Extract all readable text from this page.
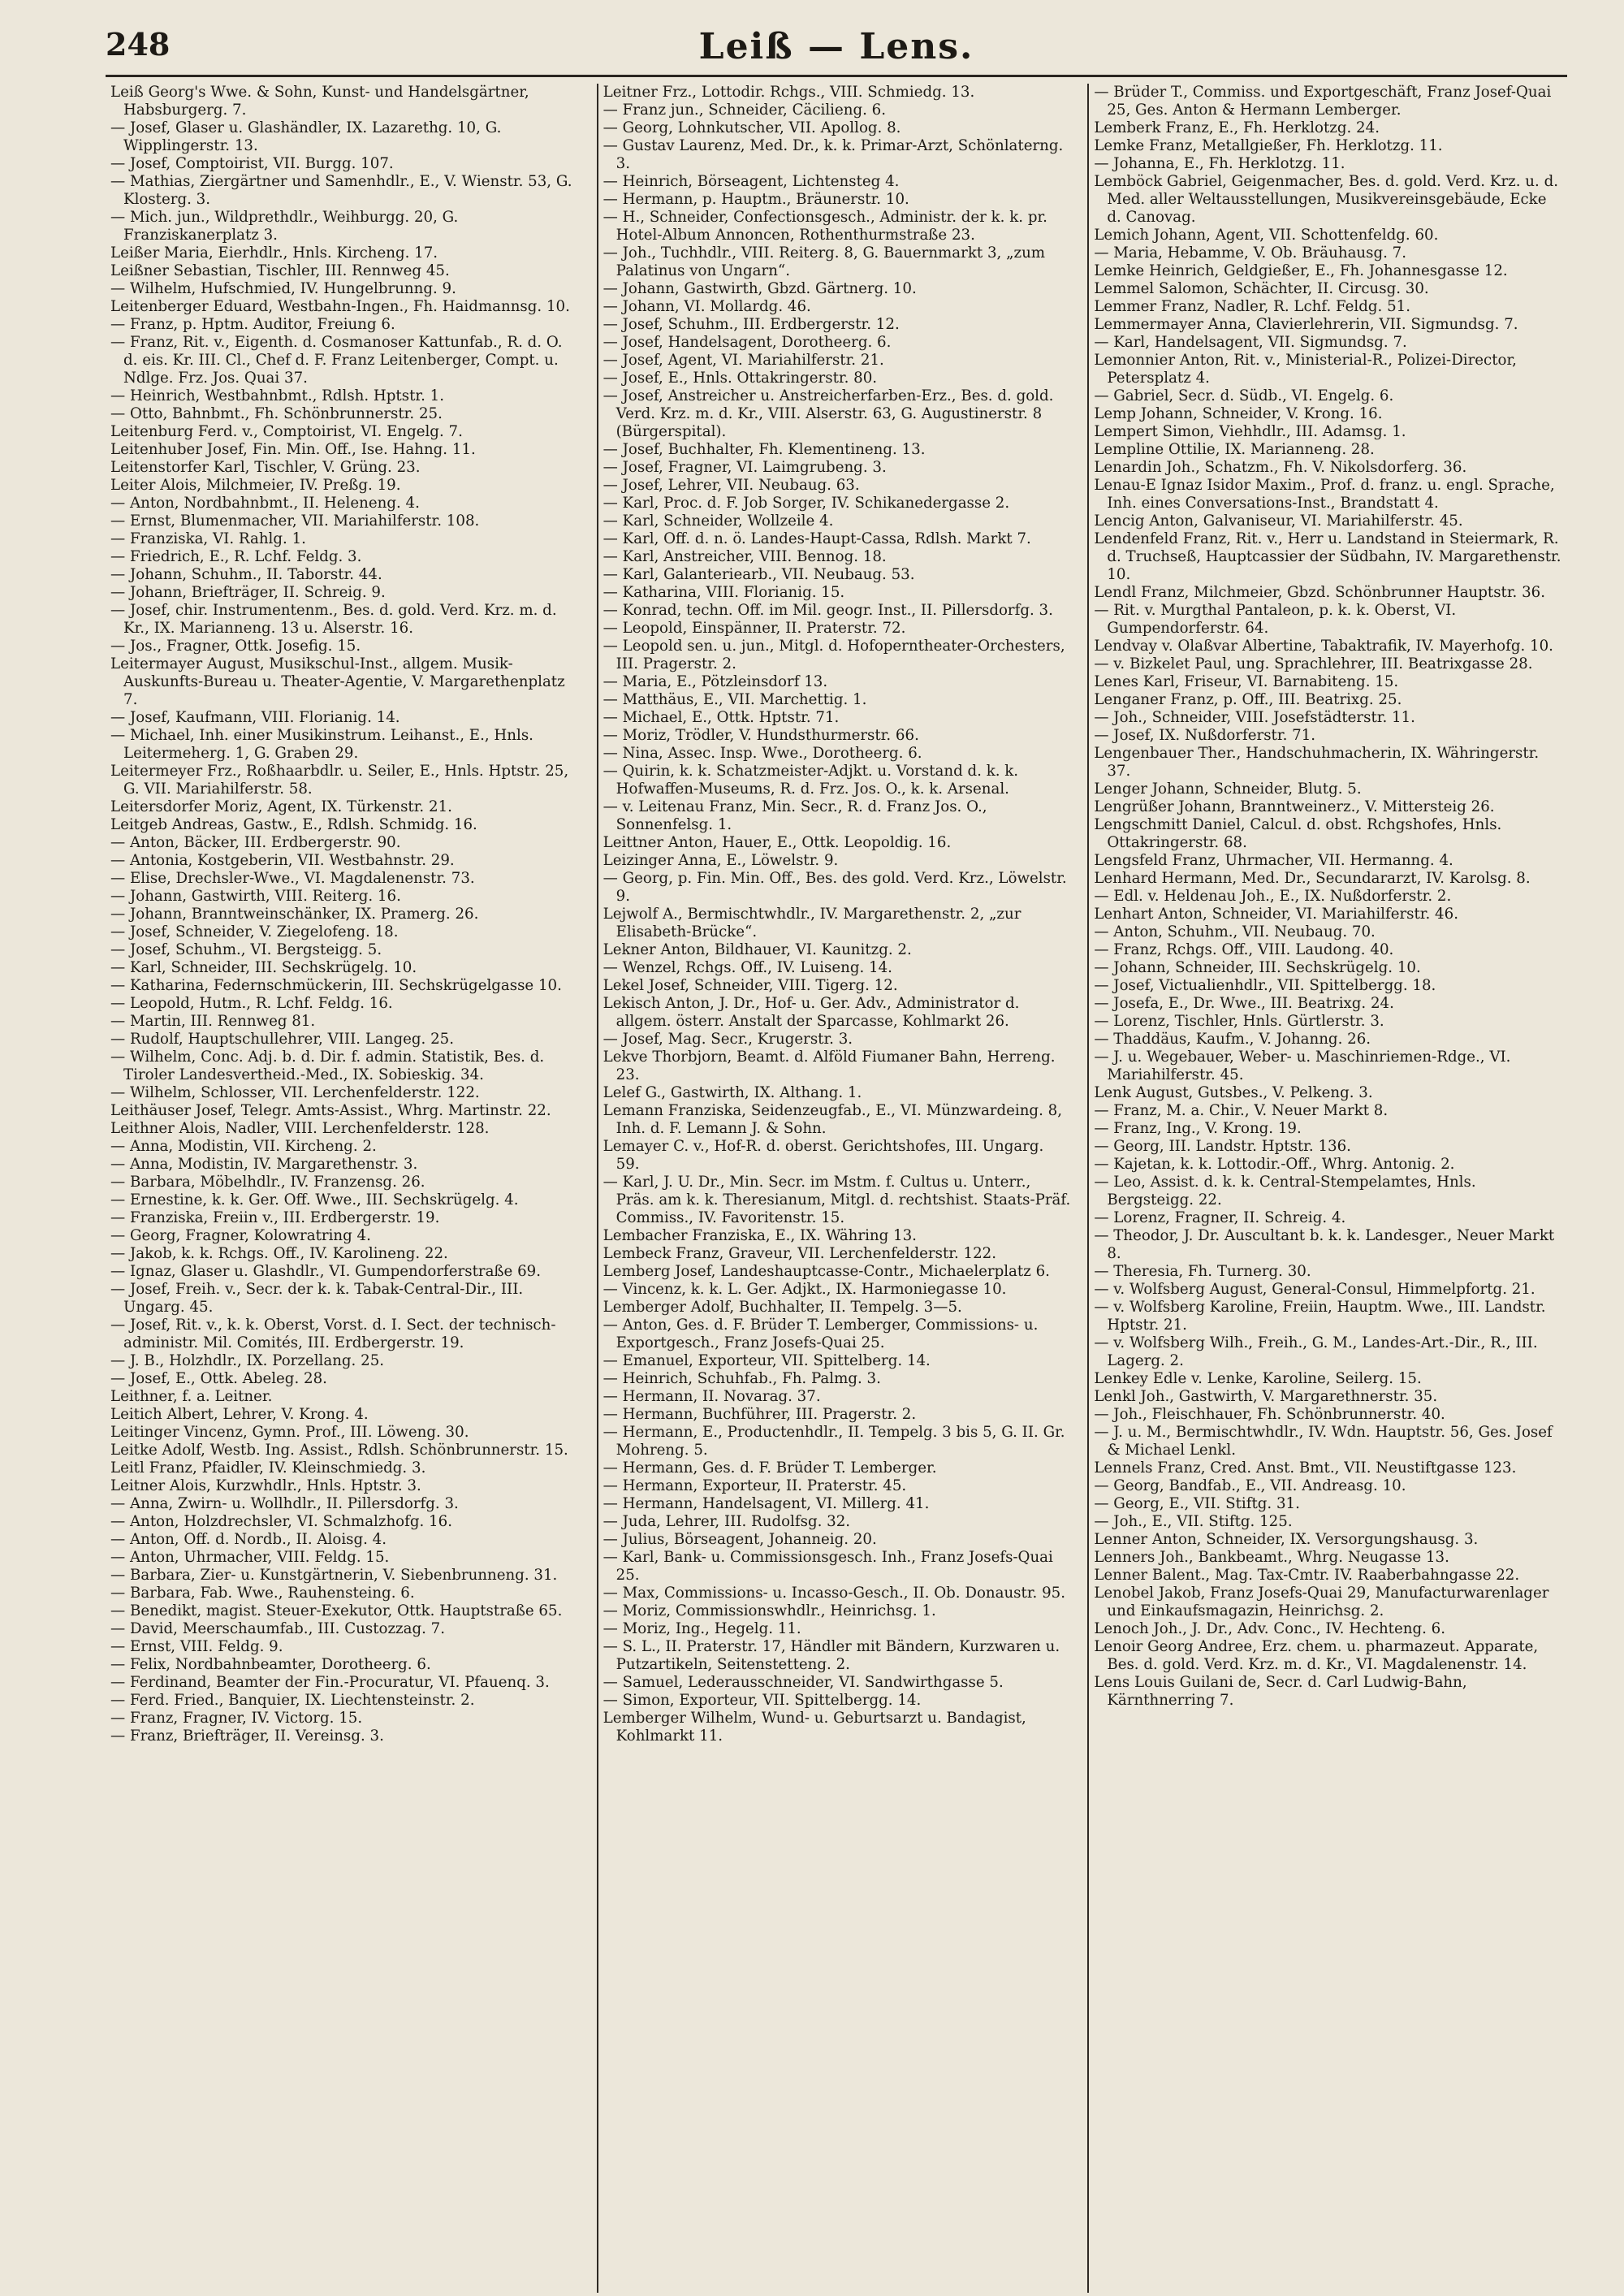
248	Leiß — Lens.

Leiß Georg's Wwe. & Sohn, Kunst- und Handelsgärtner, Habsburgerg. 7.

— Josef, Glaser u. Glashändler, IX. Lazarethg. 10, G. Wipplingerstr. 13.

— Josef, Comptoirist, VII. Burgg. 107.

— Mathias, Ziergärtner und Samenhdlr., E., V. Wienstr. 53, G. Klosterg. 3.

— Mich. jun., Wildprethdlr., Weihburgg. 20, G. Franziskanerplatz 3.

Leißer Maria, Eierhdlr., Hnls. Kircheng. 17.

Leißner Sebastian, Tischler, III. Rennweg 45.

— Wilhelm, Hufschmied, IV. Hungelbrunng. 9.

Leitenberger Eduard, Westbahn-Ingen., Fh. Haidmannsg. 10.

— Franz, p. Hptm. Auditor, Freiung 6.

— Franz, Rit. v., Eigenth. d. Cosmanoser Kattunfab., R. d. O. d. eis. Kr. III. Cl., Chef d. F. Franz Leitenberger, Compt. u. Ndlge. Frz. Jos. Quai 37.

— Heinrich, Westbahnbmt., Rdlsh. Hptstr. 1.

— Otto, Bahnbmt., Fh. Schönbrunnerstr. 25.

Leitenburg Ferd. v., Comptoirist, VI. Engelg. 7.

Leitenhuber Josef, Fin. Min. Off., Ise. Hahng. 11.

Leitenstorfer Karl, Tischler, V. Grüng. 23.

Leiter Alois, Milchmeier, IV. Preßg. 19.

— Anton, Nordbahnbmt., II. Heleneng. 4.

— Ernst, Blumenmacher, VII. Mariahilferstr. 108.

— Franziska, VI. Rahlg. 1.

— Friedrich, E., R. Lchf. Feldg. 3.

— Johann, Schuhm., II. Taborstr. 44.

— Johann, Briefträger, II. Schreig. 9.

— Josef, chir. Instrumentenm., Bes. d. gold. Verd. Krz. m. d. Kr., IX. Marianneng. 13 u. Alserstr. 16.

— Jos., Fragner, Ottk. Josefig. 15.

Leitermayer August, Musikschul-Inst., allgem. Musik-Auskunfts-Bureau u. Theater-Agentie, V. Margarethenplatz 7.

— Josef, Kaufmann, VIII. Florianig. 14.

— Michael, Inh. einer Musikinstrum. Leihanst., E., Hnls. Leitermeherg. 1, G. Graben 29.

Leitermeyer Frz., Roßhaarbdlr. u. Seiler, E., Hnls. Hptstr. 25, G. VII. Mariahilferstr. 58.

Leitersdorfer Moriz, Agent, IX. Türkenstr. 21.

Leitgeb Andreas, Gastw., E., Rdlsh. Schmidg. 16.

— Anton, Bäcker, III. Erdbergerstr. 90.

— Antonia, Kostgeberin, VII. Westbahnstr. 29.

— Elise, Drechsler-Wwe., VI. Magdalenenstr. 73.

— Johann, Gastwirth, VIII. Reiterg. 16.

— Johann, Branntweinschänker, IX. Pramerg. 26.

— Josef, Schneider, V. Ziegelofeng. 18.

— Josef, Schuhm., VI. Bergsteigg. 5.

— Karl, Schneider, III. Sechskrügelg. 10.

— Katharina, Federnschmückerin, III. Sechskrügelgasse 10.

— Leopold, Hutm., R. Lchf. Feldg. 16.

— Martin, III. Rennweg 81.

— Rudolf, Hauptschullehrer, VIII. Langeg. 25.

— Wilhelm, Conc. Adj. b. d. Dir. f. admin. Statistik, Bes. d. Tiroler Landesvertheid.-Med., IX. Sobieskig. 34.

— Wilhelm, Schlosser, VII. Lerchenfelderstr. 122.

Leithäuser Josef, Telegr. Amts-Assist., Whrg. Martinstr. 22.

Leithner Alois, Nadler, VIII. Lerchenfelderstr. 128.

— Anna, Modistin, VII. Kircheng. 2.

— Anna, Modistin, IV. Margarethenstr. 3.

— Barbara, Möbelhdlr., IV. Franzensg. 26.

— Ernestine, k. k. Ger. Off. Wwe., III. Sechskrügelg. 4.

— Franziska, Freiin v., III. Erdbergerstr. 19.

— Georg, Fragner, Kolowratring 4.

— Jakob, k. k. Rchgs. Off., IV. Karolineng. 22.

— Ignaz, Glaser u. Glashdlr., VI. Gumpendorferstraße 69.

— Josef, Freih. v., Secr. der k. k. Tabak-Central-Dir., III. Ungarg. 45.

— Josef, Rit. v., k. k. Oberst, Vorst. d. I. Sect. der technisch-administr. Mil. Comités, III. Erdbergerstr. 19.

— J. B., Holzhdlr., IX. Porzellang. 25.

— Josef, E., Ottk. Abeleg. 28.

Leithner, f. a. Leitner.

Leitich Albert, Lehrer, V. Krong. 4.

Leitinger Vincenz, Gymn. Prof., III. Löweng. 30.

Leitke Adolf, Westb. Ing. Assist., Rdlsh. Schönbrunnerstr. 15.

Leitl Franz, Pfaidler, IV. Kleinschmiedg. 3.

Leitner Alois, Kurzwhdlr., Hnls. Hptstr. 3.

— Anna, Zwirn- u. Wollhdlr., II. Pillersdorfg. 3.

— Anton, Holzdrechsler, VI. Schmalzhofg. 16.

— Anton, Off. d. Nordb., II. Aloisg. 4.

— Anton, Uhrmacher, VIII. Feldg. 15.

— Barbara, Zier- u. Kunstgärtnerin, V. Siebenbrunneng. 31.

— Barbara, Fab. Wwe., Rauhensteing. 6.

— Benedikt, magist. Steuer-Exekutor, Ottk. Hauptstraße 65.

— David, Meerschaumfab., III. Custozzag. 7.

— Ernst, VIII. Feldg. 9.

— Felix, Nordbahnbeamter, Dorotheerg. 6.

— Ferdinand, Beamter der Fin.-Procuratur, VI. Pfauenq. 3.

— Ferd. Fried., Banquier, IX. Liechtensteinstr. 2.

— Franz, Fragner, IV. Victorg. 15.

— Franz, Briefträger, II. Vereinsg. 3.

Leitner Frz., Lottodir. Rchgs., VIII. Schmiedg. 13.

— Franz jun., Schneider, Cäcilieng. 6.

— Georg, Lohnkutscher, VII. Apollog. 8.

— Gustav Laurenz, Med. Dr., k. k. Primar-Arzt, Schönlaterng. 3.

— Heinrich, Börseagent, Lichtensteg 4.

— Hermann, p. Hauptm., Bräunerstr. 10.

— H., Schneider, Confectionsgesch., Administr. der k. k. pr. Hotel-Album Annoncen, Rothenthurmstraße 23.

— Joh., Tuchhdlr., VIII. Reiterg. 8, G. Bauernmarkt 3, „zum Palatinus von Ungarn“.

— Johann, Gastwirth, Gbzd. Gärtnerg. 10.

— Johann, VI. Mollardg. 46.

— Josef, Schuhm., III. Erdbergerstr. 12.

— Josef, Handelsagent, Dorotheerg. 6.

— Josef, Agent, VI. Mariahilferstr. 21.

— Josef, E., Hnls. Ottakringerstr. 80.

— Josef, Anstreicher u. Anstreicherfarben-Erz., Bes. d. gold. Verd. Krz. m. d. Kr., VIII. Alserstr. 63, G. Augustinerstr. 8 (Bürgerspital).

— Josef, Buchhalter, Fh. Klementineng. 13.

— Josef, Fragner, VI. Laimgrubeng. 3.

— Josef, Lehrer, VII. Neubaug. 63.

— Karl, Proc. d. F. Job Sorger, IV. Schikanedergasse 2.

— Karl, Schneider, Wollzeile 4.

— Karl, Off. d. n. ö. Landes-Haupt-Cassa, Rdlsh. Markt 7.

— Karl, Anstreicher, VIII. Bennog. 18.

— Karl, Galanteriearb., VII. Neubaug. 53.

— Katharina, VIII. Florianig. 15.

— Konrad, techn. Off. im Mil. geogr. Inst., II. Pillersdorfg. 3.

— Leopold, Einspänner, II. Praterstr. 72.

— Leopold sen. u. jun., Mitgl. d. Hofoperntheater-Orchesters, III. Pragerstr. 2.

— Maria, E., Pötzleinsdorf 13.

— Matthäus, E., VII. Marchettig. 1.

— Michael, E., Ottk. Hptstr. 71.

— Moriz, Trödler, V. Hundsthurmerstr. 66.

— Nina, Assec. Insp. Wwe., Dorotheerg. 6.

— Quirin, k. k. Schatzmeister-Adjkt. u. Vorstand d. k. k. Hofwaffen-Museums, R. d. Frz. Jos. O., k. k. Arsenal.

— v. Leitenau Franz, Min. Secr., R. d. Franz Jos. O., Sonnenfelsg. 1.

Leittner Anton, Hauer, E., Ottk. Leopoldig. 16.

Leizinger Anna, E., Löwelstr. 9.

— Georg, p. Fin. Min. Off., Bes. des gold. Verd. Krz., Löwelstr. 9.

Lejwolf A., Bermischtwhdlr., IV. Margarethenstr. 2, „zur Elisabeth-Brücke“.

Lekner Anton, Bildhauer, VI. Kaunitzg. 2.

— Wenzel, Rchgs. Off., IV. Luiseng. 14.

Lekel Josef, Schneider, VIII. Tigerg. 12.

Lekisch Anton, J. Dr., Hof- u. Ger. Adv., Administrator d. allgem. österr. Anstalt der Sparcasse, Kohlmarkt 26.

— Josef, Mag. Secr., Krugerstr. 3.

Lekve Thorbjorn, Beamt. d. Alföld Fiumaner Bahn, Herreng. 23.

Lelef G., Gastwirth, IX. Althang. 1.

Lemann Franziska, Seidenzeugfab., E., VI. Münzwardeing. 8, Inh. d. F. Lemann J. & Sohn.

Lemayer C. v., Hof-R. d. oberst. Gerichtshofes, III. Ungarg. 59.

— Karl, J. U. Dr., Min. Secr. im Mstm. f. Cultus u. Unterr., Präs. am k. k. Theresianum, Mitgl. d. rechtshist. Staats-Präf. Commiss., IV. Favoritenstr. 15.

Lembacher Franziska, E., IX. Währing 13.

Lembeck Franz, Graveur, VII. Lerchenfelderstr. 122.

Lemberg Josef, Landeshauptcasse-Contr., Michaelerplatz 6.

— Vincenz, k. k. L. Ger. Adjkt., IX. Harmoniegasse 10.

Lemberger Adolf, Buchhalter, II. Tempelg. 3—5.

— Anton, Ges. d. F. Brüder T. Lemberger, Commissions- u. Exportgesch., Franz Josefs-Quai 25.

— Emanuel, Exporteur, VII. Spittelberg. 14.

— Heinrich, Schuhfab., Fh. Palmg. 3.

— Hermann, II. Novarag. 37.

— Hermann, Buchführer, III. Pragerstr. 2.

— Hermann, E., Productenhdlr., II. Tempelg. 3 bis 5, G. II. Gr. Mohreng. 5.

— Hermann, Ges. d. F. Brüder T. Lemberger.

— Hermann, Exporteur, II. Praterstr. 45.

— Hermann, Handelsagent, VI. Millerg. 41.

— Juda, Lehrer, III. Rudolfsg. 32.

— Julius, Börseagent, Johanneig. 20.

— Karl, Bank- u. Commissionsgesch. Inh., Franz Josefs-Quai 25.

— Max, Commissions- u. Incasso-Gesch., II. Ob. Donaustr. 95.

— Moriz, Commissionswhdlr., Heinrichsg. 1.

— Moriz, Ing., Hegelg. 11.

— S. L., II. Praterstr. 17, Händler mit Bändern, Kurzwaren u. Putzartikeln, Seitenstetteng. 2.

— Samuel, Lederausschneider, VI. Sandwirthgasse 5.

— Simon, Exporteur, VII. Spittelbergg. 14.

Lemberger Wilhelm, Wund- u. Geburtsarzt u. Bandagist, Kohlmarkt 11.

— Brüder T., Commiss. und Exportgeschäft, Franz Josef-Quai 25, Ges. Anton & Hermann Lemberger.

Lemberk Franz, E., Fh. Herklotzg. 24.

Lemke Franz, Metallgießer, Fh. Herklotzg. 11.

— Johanna, E., Fh. Herklotzg. 11.

Lemböck Gabriel, Geigenmacher, Bes. d. gold. Verd. Krz. u. d. Med. aller Weltausstellungen, Musikvereinsgebäude, Ecke d. Canovag.

Lemich Johann, Agent, VII. Schottenfeldg. 60.

— Maria, Hebamme, V. Ob. Bräuhausg. 7.

Lemke Heinrich, Geldgießer, E., Fh. Johannesgasse 12.

Lemmel Salomon, Schächter, II. Circusg. 30.

Lemmer Franz, Nadler, R. Lchf. Feldg. 51.

Lemmermayer Anna, Clavierlehrerin, VII. Sigmundsg. 7.

— Karl, Handelsagent, VII. Sigmundsg. 7.

Lemonnier Anton, Rit. v., Ministerial-R., Polizei-Director, Petersplatz 4.

— Gabriel, Secr. d. Südb., VI. Engelg. 6.

Lemp Johann, Schneider, V. Krong. 16.

Lempert Simon, Viehhdlr., III. Adamsg. 1.

Lempline Ottilie, IX. Marianneng. 28.

Lenardin Joh., Schatzm., Fh. V. Nikolsdorferg. 36.

Lenau-E Ignaz Isidor Maxim., Prof. d. franz. u. engl. Sprache, Inh. eines Conversations-Inst., Brandstatt 4.

Lencig Anton, Galvaniseur, VI. Mariahilferstr. 45.

Lendenfeld Franz, Rit. v., Herr u. Landstand in Steiermark, R. d. Truchseß, Hauptcassier der Südbahn, IV. Margarethenstr. 10.

Lendl Franz, Milchmeier, Gbzd. Schönbrunner Hauptstr. 36.

— Rit. v. Murgthal Pantaleon, p. k. k. Oberst, VI. Gumpendorferstr. 64.

Lendvay v. Olaßvar Albertine, Tabaktrafik, IV. Mayerhofg. 10.

— v. Bizkelet Paul, ung. Sprachlehrer, III. Beatrixgasse 28.

Lenes Karl, Friseur, VI. Barnabiteng. 15.

Lenganer Franz, p. Off., III. Beatrixg. 25.

— Joh., Schneider, VIII. Josefstädterstr. 11.

— Josef, IX. Nußdorferstr. 71.

Lengenbauer Ther., Handschuhmacherin, IX. Währingerstr. 37.

Lenger Johann, Schneider, Blutg. 5.

Lengrüßer Johann, Branntweinerz., V. Mittersteig 26.

Lengschmitt Daniel, Calcul. d. obst. Rchgshofes, Hnls. Ottakringerstr. 68.

Lengsfeld Franz, Uhrmacher, VII. Hermanng. 4.

Lenhard Hermann, Med. Dr., Secundararzt, IV. Karolsg. 8.

— Edl. v. Heldenau Joh., E., IX. Nußdorferstr. 2.

Lenhart Anton, Schneider, VI. Mariahilferstr. 46.

— Anton, Schuhm., VII. Neubaug. 70.

— Franz, Rchgs. Off., VIII. Laudong. 40.

— Johann, Schneider, III. Sechskrügelg. 10.

— Josef, Victualienhdlr., VII. Spittelbergg. 18.

— Josefa, E., Dr. Wwe., III. Beatrixg. 24.

— Lorenz, Tischler, Hnls. Gürtlerstr. 3.

— Thaddäus, Kaufm., V. Johanng. 26.

— J. u. Wegebauer, Weber- u. Maschinriemen-Rdge., VI. Mariahilferstr. 45.

Lenk August, Gutsbes., V. Pelkeng. 3.

— Franz, M. a. Chir., V. Neuer Markt 8.

— Franz, Ing., V. Krong. 19.

— Georg, III. Landstr. Hptstr. 136.

— Kajetan, k. k. Lottodir.-Off., Whrg. Antonig. 2.

— Leo, Assist. d. k. k. Central-Stempelamtes, Hnls. Bergsteigg. 22.

— Lorenz, Fragner, II. Schreig. 4.

— Theodor, J. Dr. Auscultant b. k. k. Landesger., Neuer Markt 8.

— Theresia, Fh. Turnerg. 30.

— v. Wolfsberg August, General-Consul, Himmelpfortg. 21.

— v. Wolfsberg Karoline, Freiin, Hauptm. Wwe., III. Landstr. Hptstr. 21.

— v. Wolfsberg Wilh., Freih., G. M., Landes-Art.-Dir., R., III. Lagerg. 2.

Lenkey Edle v. Lenke, Karoline, Seilerg. 15.

Lenkl Joh., Gastwirth, V. Margarethnerstr. 35.

— Joh., Fleischhauer, Fh. Schönbrunnerstr. 40.

— J. u. M., Bermischtwhdlr., IV. Wdn. Hauptstr. 56, Ges. Josef & Michael Lenkl.

Lennels Franz, Cred. Anst. Bmt., VII. Neustiftgasse 123.

— Georg, Bandfab., E., VII. Andreasg. 10.

— Georg, E., VII. Stiftg. 31.

— Joh., E., VII. Stiftg. 125.

Lenner Anton, Schneider, IX. Versorgungshausg. 3.

Lenners Joh., Bankbeamt., Whrg. Neugasse 13.

Lenner Balent., Mag. Tax-Cmtr. IV. Raaberbahngasse 22.

Lenobel Jakob, Franz Josefs-Quai 29, Manufacturwarenlager und Einkaufsmagazin, Heinrichsg. 2.

Lenoch Joh., J. Dr., Adv. Conc., IV. Hechteng. 6.

Lenoir Georg Andree, Erz. chem. u. pharmazeut. Apparate, Bes. d. gold. Verd. Krz. m. d. Kr., VI. Magdalenenstr. 14.

Lens Louis Guilani de, Secr. d. Carl Ludwig-Bahn, Kärnthnerring 7.
